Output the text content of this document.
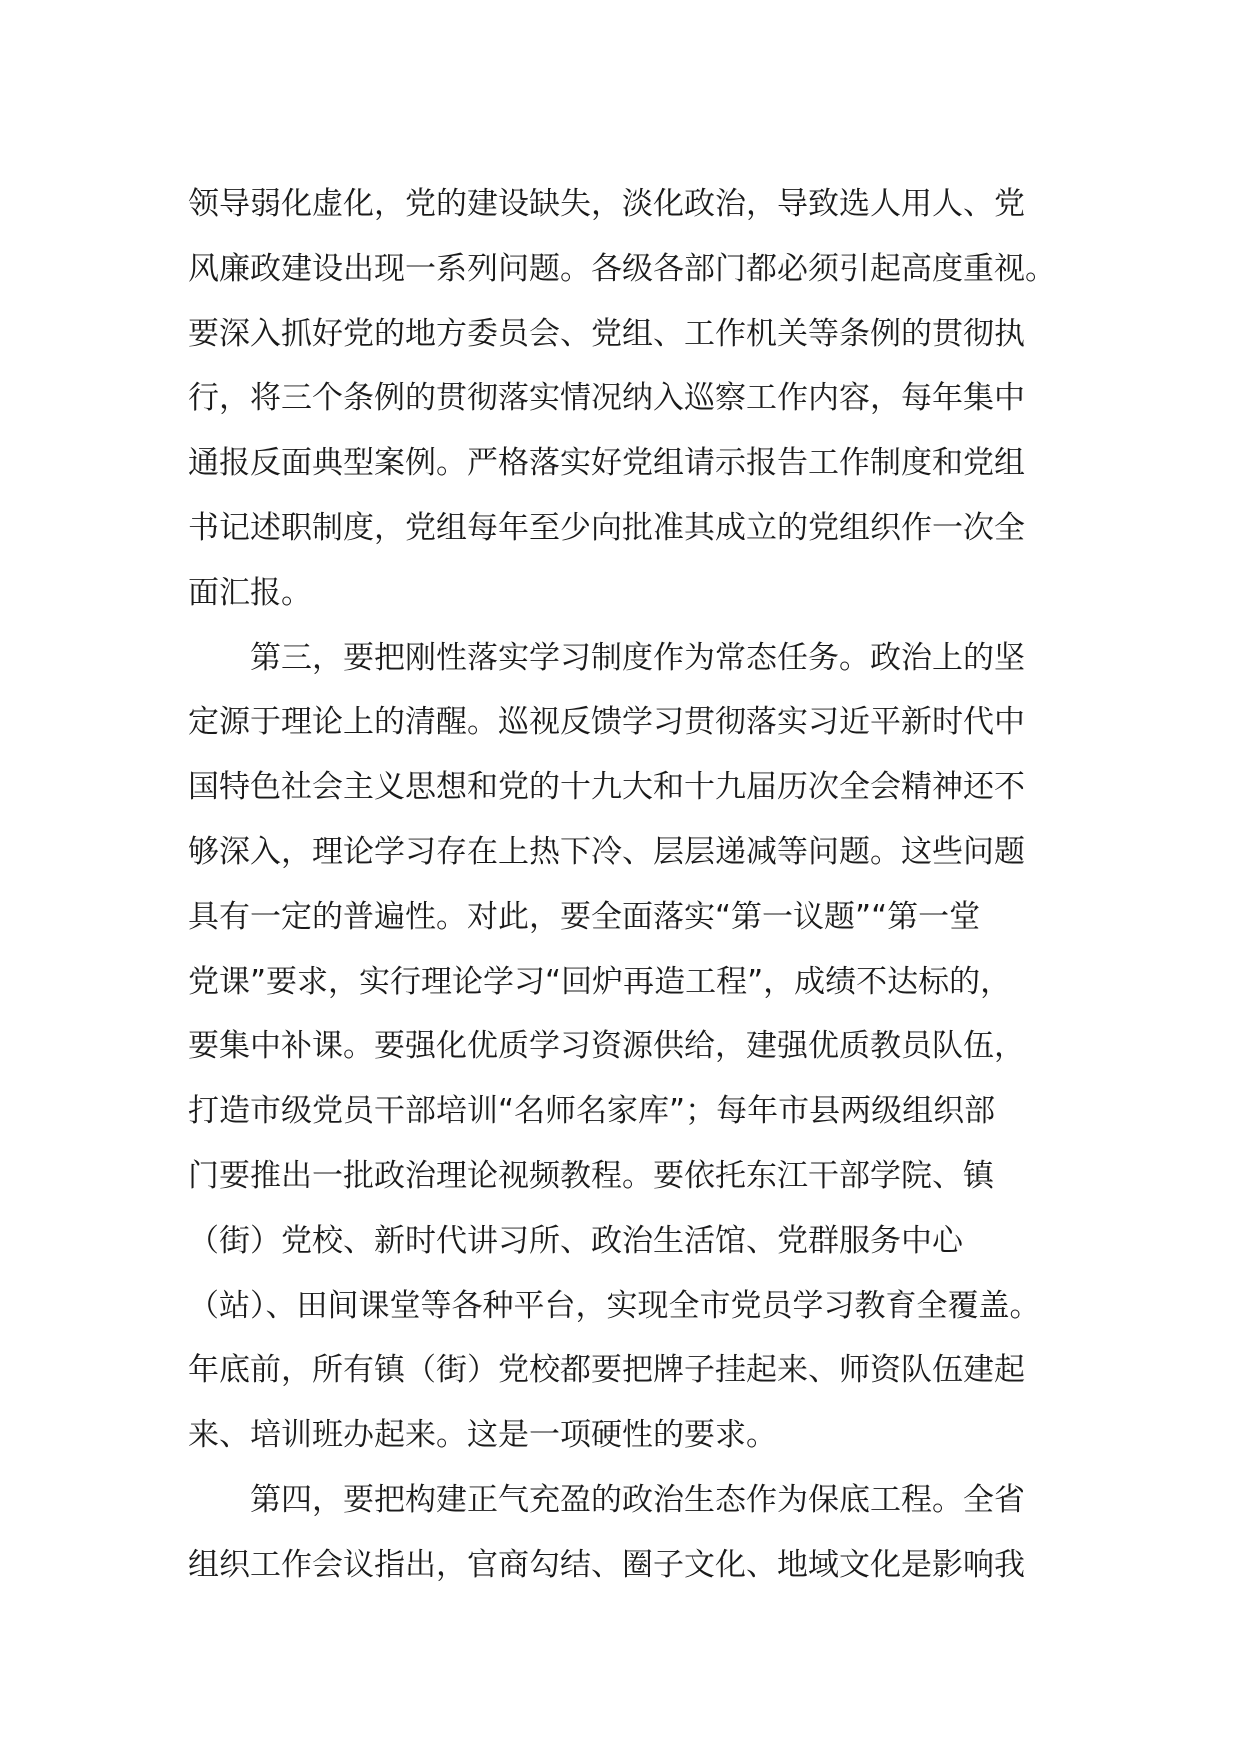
领导弱化虚化，党的建设缺失，淡化政治，导致选人用人、党
风廉政建设出现一系列问题。各级各部门都必须引起高度重视。
要深入抓好党的地方委员会、党组、工作机关等条例的贯彻执
行，将三个条例的贯彻落实情况纳入巡察工作内容，每年集中
通报反面典型案例。严格落实好党组请示报告工作制度和党组
书记述职制度，党组每年至少向批准其成立的党组织作一次全
面汇报。
第三，要把刚性落实学习制度作为常态任务。政治上的坚
定源于理论上的清醒。巡视反馈学习贯彻落实习近平新时代中
国特色社会主义思想和党的十九大和十九届历次全会精神还不
够深入，理论学习存在上热下冷、层层递减等问题。这些问题
具有一定的普遍性。对此，要全面落实“第一议题”“第一堂
党课”要求，实行理论学习“回炉再造工程”，成绩不达标的，
要集中补课。要强化优质学习资源供给，建强优质教员队伍，
打造市级党员干部培训“名师名家库”；每年市县两级组织部
门要推出一批政治理论视频教程。要依托东江干部学院、镇
（街）党校、新时代讲习所、政治生活馆、党群服务中心
（站）、田间课堂等各种平台，实现全市党员学习教育全覆盖。
年底前，所有镇（街）党校都要把牌子挂起来、师资队伍建起
来、培训班办起来。这是一项硬性的要求。
第四，要把构建正气充盈的政治生态作为保底工程。全省
组织工作会议指出，官商勾结、圈子文化、地域文化是影响我
